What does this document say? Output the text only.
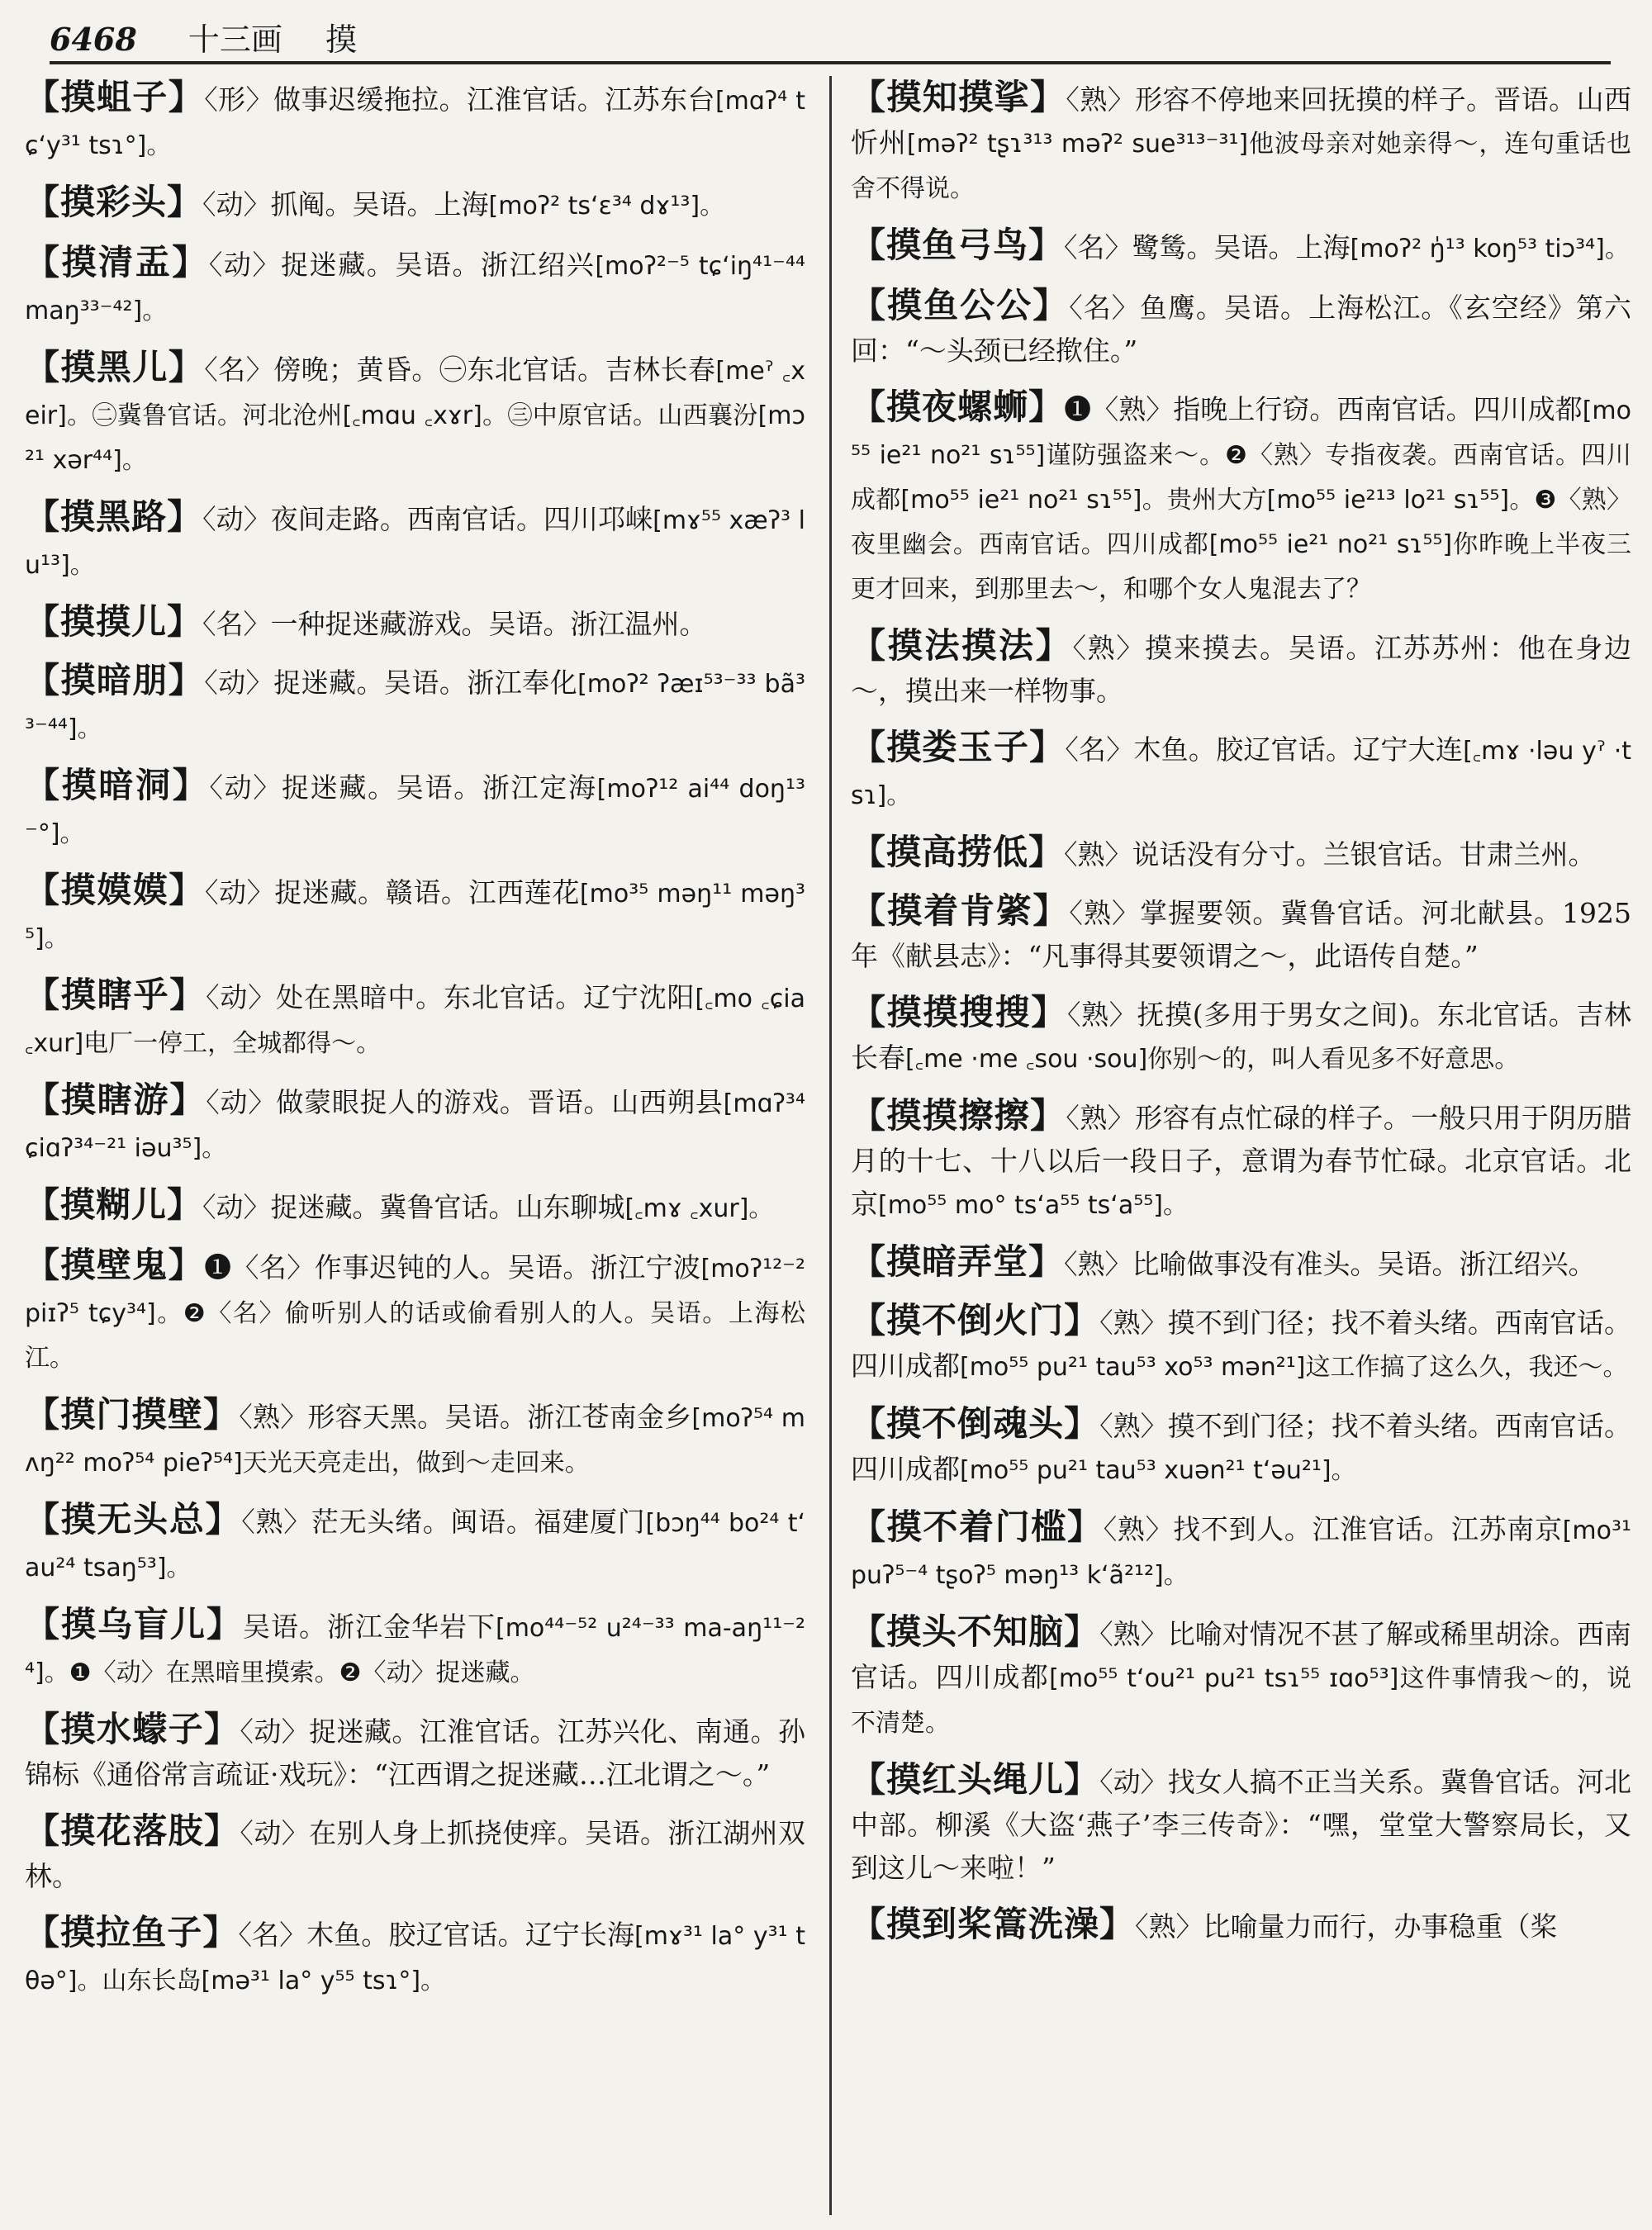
6468 十三画 摸
【摸蛆子】〈形〉做事迟缓拖拉。江淮官话。江苏东台[mɑʔ⁴ tɕʻy³¹ tsɿ°]。
【摸彩头】〈动〉抓阄。吴语。上海[moʔ² tsʻɛ³⁴ dɤ¹³]。
【摸清盂】〈动〉捉迷藏。吴语。浙江绍兴[moʔ²⁻⁵ tɕʻiŋ⁴¹⁻⁴⁴ maŋ³³⁻⁴²]。
【摸黑儿】〈名〉傍晚；黄昏。㊀东北官话。吉林长春[meˀ ꜀xeir]。㊁冀鲁官话。河北沧州[꜀mɑu ꜀xɤr]。㊂中原官话。山西襄汾[mɔ²¹ xər⁴⁴]。
【摸黑路】〈动〉夜间走路。西南官话。四川邛崃[mɤ⁵⁵ xæʔ³ lu¹³]。
【摸摸儿】〈名〉一种捉迷藏游戏。吴语。浙江温州。
【摸暗朋】〈动〉捉迷藏。吴语。浙江奉化[moʔ² ʔæɪ⁵³⁻³³ bã³³⁻⁴⁴]。
【摸暗洞】〈动〉捉迷藏。吴语。浙江定海[moʔ¹² ai⁴⁴ doŋ¹³⁻°]。
【摸嫫嫫】〈动〉捉迷藏。赣语。江西莲花[mo³⁵ məŋ¹¹ məŋ³⁵]。
【摸瞎乎】〈动〉处在黑暗中。东北官话。辽宁沈阳[꜀mo ꜀ɕia ꜀xur]电厂一停工，全城都得～。
【摸瞎游】〈动〉做蒙眼捉人的游戏。晋语。山西朔县[mɑʔ³⁴ ɕiɑʔ³⁴⁻²¹ iəu³⁵]。
【摸糊儿】〈动〉捉迷藏。冀鲁官话。山东聊城[꜀mɤ ꜀xur]。
【摸壁鬼】❶〈名〉作事迟钝的人。吴语。浙江宁波[moʔ¹²⁻² piɪʔ⁵ tɕy³⁴]。❷〈名〉偷听别人的话或偷看别人的人。吴语。上海松江。
【摸门摸壁】〈熟〉形容天黑。吴语。浙江苍南金乡[moʔ⁵⁴ mʌŋ²² moʔ⁵⁴ pieʔ⁵⁴]天光天亮走出，做到～走回来。
【摸无头总】〈熟〉茫无头绪。闽语。福建厦门[bɔŋ⁴⁴ bo²⁴ tʻau²⁴ tsaŋ⁵³]。
【摸乌盲儿】吴语。浙江金华岩下[mo⁴⁴⁻⁵² u²⁴⁻³³ ma-aŋ¹¹⁻²⁴]。❶〈动〉在黑暗里摸索。❷〈动〉捉迷藏。
【摸水蠓子】〈动〉捉迷藏。江淮官话。江苏兴化、南通。孙锦标《通俗常言疏证·戏玩》：“江西谓之捉迷藏…江北谓之～。”
【摸花落肢】〈动〉在别人身上抓挠使痒。吴语。浙江湖州双林。
【摸拉鱼子】〈名〉木鱼。胶辽官话。辽宁长海[mɤ³¹ la° y³¹ tθə°]。山东长岛[mə³¹ la° y⁵⁵ tsɿ°]。
【摸知摸挲】〈熟〉形容不停地来回抚摸的样子。晋语。山西忻州[məʔ² tʂɿ³¹³ məʔ² sue³¹³⁻³¹]他波母亲对她亲得～，连句重话也舍不得说。
【摸鱼弓鸟】〈名〉鹭鸶。吴语。上海[moʔ² ŋ̍¹³ koŋ⁵³ tiɔ³⁴]。
【摸鱼公公】〈名〉鱼鹰。吴语。上海松江。《玄空经》第六回：“～头颈已经揿住。”
【摸夜螺蛳】❶〈熟〉指晚上行窃。西南官话。四川成都[mo⁵⁵ ie²¹ no²¹ sɿ⁵⁵]谨防强盗来～。❷〈熟〉专指夜袭。西南官话。四川成都[mo⁵⁵ ie²¹ no²¹ sɿ⁵⁵]。贵州大方[mo⁵⁵ ie²¹³ lo²¹ sɿ⁵⁵]。❸〈熟〉夜里幽会。西南官话。四川成都[mo⁵⁵ ie²¹ no²¹ sɿ⁵⁵]你昨晚上半夜三更才回来，到那里去～，和哪个女人鬼混去了？
【摸法摸法】〈熟〉摸来摸去。吴语。江苏苏州：他在身边～，摸出来一样物事。
【摸娄玉子】〈名〉木鱼。胶辽官话。辽宁大连[꜀mɤ ·ləu yˀ ·tsɿ]。
【摸高捞低】〈熟〉说话没有分寸。兰银官话。甘肃兰州。
【摸着肯綮】〈熟〉掌握要领。冀鲁官话。河北献县。1925年《献县志》：“凡事得其要领谓之～，此语传自楚。”
【摸摸搜搜】〈熟〉抚摸(多用于男女之间)。东北官话。吉林长春[꜀me ·me ꜀sou ·sou]你别～的，叫人看见多不好意思。
【摸摸擦擦】〈熟〉形容有点忙碌的样子。一般只用于阴历腊月的十七、十八以后一段日子，意谓为春节忙碌。北京官话。北京[mo⁵⁵ mo° tsʻa⁵⁵ tsʻa⁵⁵]。
【摸暗弄堂】〈熟〉比喻做事没有准头。吴语。浙江绍兴。
【摸不倒火门】〈熟〉摸不到门径；找不着头绪。西南官话。四川成都[mo⁵⁵ pu²¹ tau⁵³ xo⁵³ mən²¹]这工作搞了这么久，我还～。
【摸不倒魂头】〈熟〉摸不到门径；找不着头绪。西南官话。四川成都[mo⁵⁵ pu²¹ tau⁵³ xuən²¹ tʻəu²¹]。
【摸不着门槛】〈熟〉找不到人。江淮官话。江苏南京[mo³¹ puʔ⁵⁻⁴ tʂoʔ⁵ məŋ¹³ kʻã²¹²]。
【摸头不知脑】〈熟〉比喻对情况不甚了解或稀里胡涂。西南官话。四川成都[mo⁵⁵ tʻou²¹ pu²¹ tsɿ⁵⁵ ɪɑo⁵³]这件事情我～的，说不清楚。
【摸红头绳儿】〈动〉找女人搞不正当关系。冀鲁官话。河北中部。柳溪《大盗‘燕子’李三传奇》：“嘿，堂堂大警察局长，又到这儿～来啦！”
【摸到桨篙洗澡】〈熟〉比喻量力而行，办事稳重（桨
